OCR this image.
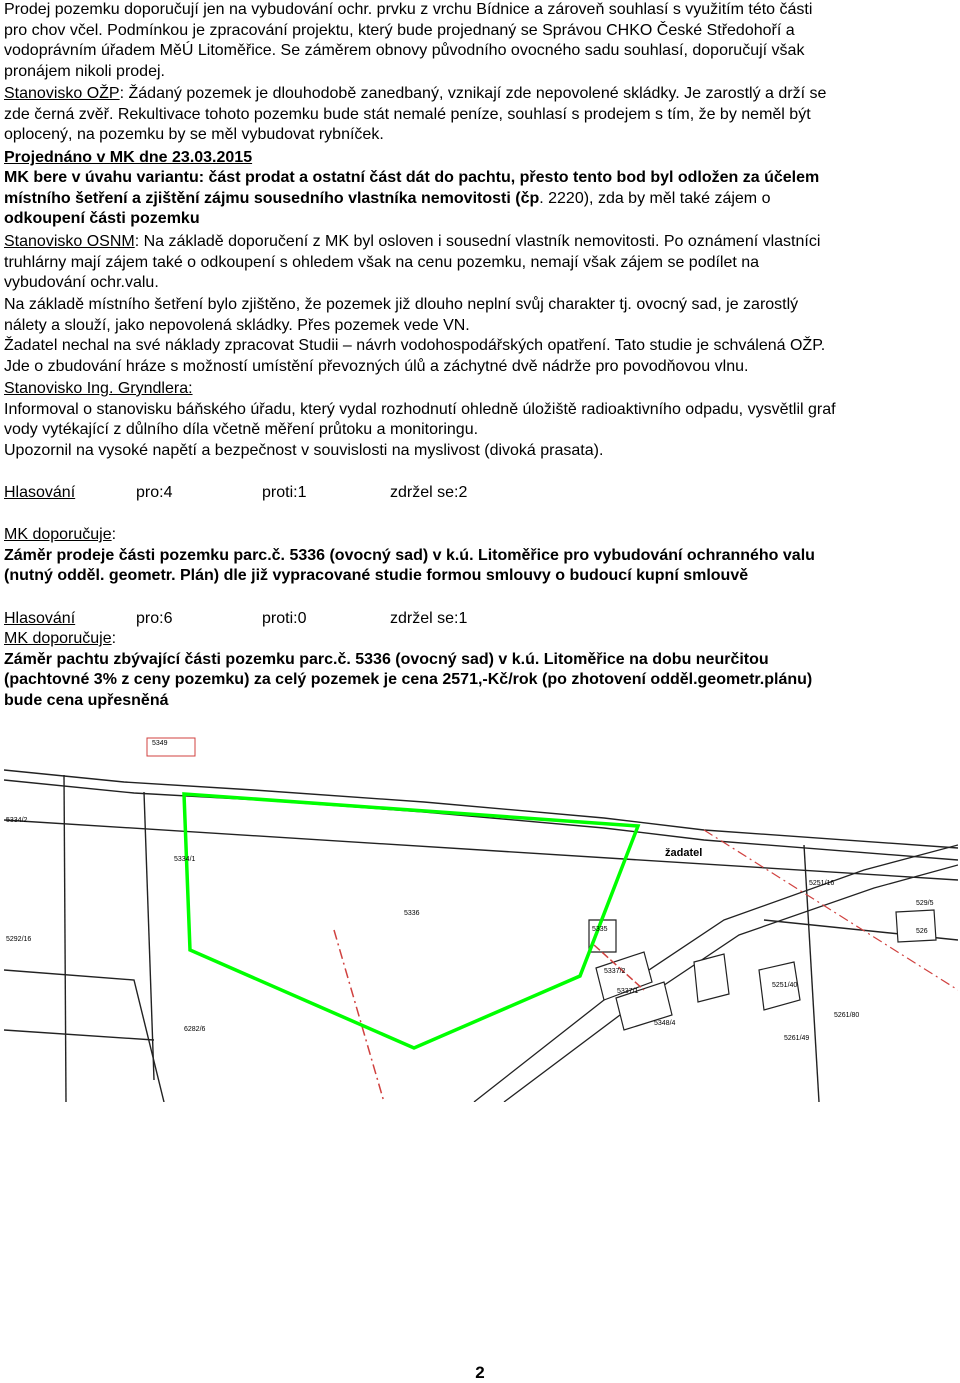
Prodej pozemku doporučují jen na vybudování ochr. prvku z vrchu Bídnice a zároveň souhlasí s využitím této části
pro chov včel. Podmínkou je zpracování projektu, který bude projednaný se Správou CHKO České Středohoří a
vodoprávním úřadem MěÚ Litoměřice. Se záměrem obnovy původního ovocného sadu souhlasí, doporučují však
pronájem nikoli prodej.
Stanovisko OŽP: Žádaný pozemek je dlouhodobě zanedbaný, vznikají zde nepovolené skládky. Je zarostlý a drží se
zde černá zvěř. Rekultivace tohoto pozemku bude stát nemalé peníze, souhlasí s prodejem s tím, že by neměl být
oplocený, na pozemku by se měl vybudovat rybníček.
Projednáno v MK dne 23.03.2015
MK bere v úvahu variantu: část prodat a ostatní část dát do pachtu, přesto tento bod byl odložen za účelem
místního šetření a zjištění zájmu sousedního vlastníka nemovitosti (čp. 2220), zda by měl také zájem o
odkoupení části pozemku
Stanovisko OSNM: Na základě doporučení z MK byl osloven i sousední vlastník nemovitosti. Po oznámení vlastníci
truhlárny mají zájem také o odkoupení s ohledem však na cenu pozemku, nemají však zájem se podílet na
vybudování ochr.valu.
Na základě místního šetření bylo zjištěno, že pozemek již dlouho neplní svůj charakter tj. ovocný sad, je zarostlý
nálety a slouží, jako nepovolená skládky. Přes pozemek vede VN.
Žadatel nechal na své náklady zpracovat Studii – návrh vodohospodářských opatření. Tato studie je schválená OŽP.
Jde o zbudování hráze s možností umístění převozných úlů a záchytné dvě nádrže pro povodňovou vlnu.
Stanovisko Ing. Gryndlera:
Informoval o stanovisku báňského úřadu, který vydal rozhodnutí ohledně úložiště radioaktivního odpadu, vysvětlil graf
vody vytékající z důlního díla včetně měření průtoku a monitoringu.
Upozornil na vysoké napětí a bezpečnost v souvislosti na myslivost (divoká prasata).
Hlasování	pro:4	proti:1	zdržel se:2
MK doporučuje:
Záměr prodeje části pozemku parc.č. 5336 (ovocný sad) v k.ú. Litoměřice pro vybudování ochranného valu
(nutný odděl. geometr. Plán) dle již vypracované studie formou smlouvy o budoucí kupní smlouvě
Hlasování	pro:6	proti:0	zdržel se:1
MK doporučuje:
Záměr pachtu zbývající části pozemku parc.č. 5336 (ovocný sad) v k.ú. Litoměřice na dobu neurčitou
(pachtovné 3% z ceny pozemku) za celý pozemek je cena 2571,-Kč/rok (po zhotovení odděl.geometr.plánu)
bude cena upřesněná
žadatel
5336
5334/1
5334/2
5292/16
6282/6
5349
5335
5337/2
5337/1
5348/4
5251/40
5261/49
5251/16
5261/80
526
529/5
2
